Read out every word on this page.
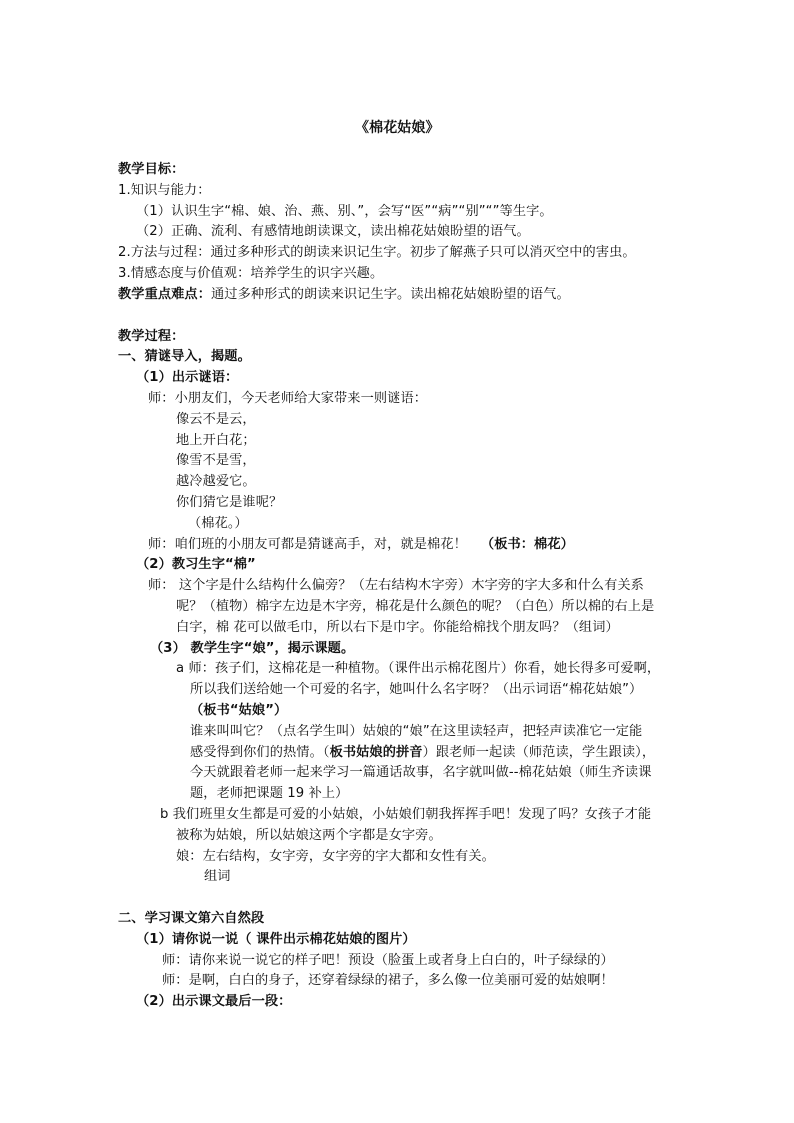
《棉花姑娘》
教学目标：
1.知识与能力：
（1）认识生字“棉、娘、治、燕、别、”，会写“医”“病”“别”“”等生字。
（2）正确、流利、有感情地朗读课文，读出棉花姑娘盼望的语气。
2.方法与过程：通过多种形式的朗读来识记生字。初步了解燕子只可以消灭空中的害虫。
3.情感态度与价值观：培养学生的识字兴趣。
教学重点难点：通过多种形式的朗读来识记生字。读出棉花姑娘盼望的语气。
教学过程：
一、猜谜导入，揭题。
（1）出示谜语：
师：小朋友们，今天老师给大家带来一则谜语：
像云不是云，
地上开白花；
像雪不是雪，
越冷越爱它。
你们猜它是谁呢？
（棉花。）
师：咱们班的小朋友可都是猜谜高手，对，就是棉花！ （板书：棉花）
（2）教习生字“棉”
师： 这个字是什么结构什么偏旁？（左右结构木字旁）木字旁的字大多和什么有关系
呢？（植物）棉字左边是木字旁，棉花是什么颜色的呢？（白色）所以棉的右上是
白字，棉 花可以做毛巾，所以右下是巾字。你能给棉找个朋友吗？（组词）
（3） 教学生字“娘”，揭示课题。
a 师：孩子们，这棉花是一种植物。（课件出示棉花图片）你看，她长得多可爱啊，
所以我们送给她一个可爱的名字，她叫什么名字呀？（出示词语“棉花姑娘”）
（板书“姑娘”）
谁来叫叫它？（点名学生叫）姑娘的“娘”在这里读轻声，把轻声读准它一定能
感受得到你们的热情。（板书姑娘的拼音）跟老师一起读（师范读，学生跟读），
今天就跟着老师一起来学习一篇通话故事，名字就叫做--棉花姑娘（师生齐读课
题，老师把课题 19 补上）
b 我们班里女生都是可爱的小姑娘，小姑娘们朝我挥挥手吧！发现了吗？女孩子才能
被称为姑娘，所以姑娘这两个字都是女字旁。
娘：左右结构，女字旁，女字旁的字大都和女性有关。
组词
二、学习课文第六自然段
（1）请你说一说（ 课件出示棉花姑娘的图片）
师：请你来说一说它的样子吧！预设（脸蛋上或者身上白白的，叶子绿绿的）
师：是啊，白白的身子，还穿着绿绿的裙子，多么像一位美丽可爱的姑娘啊！
（2）出示课文最后一段：
